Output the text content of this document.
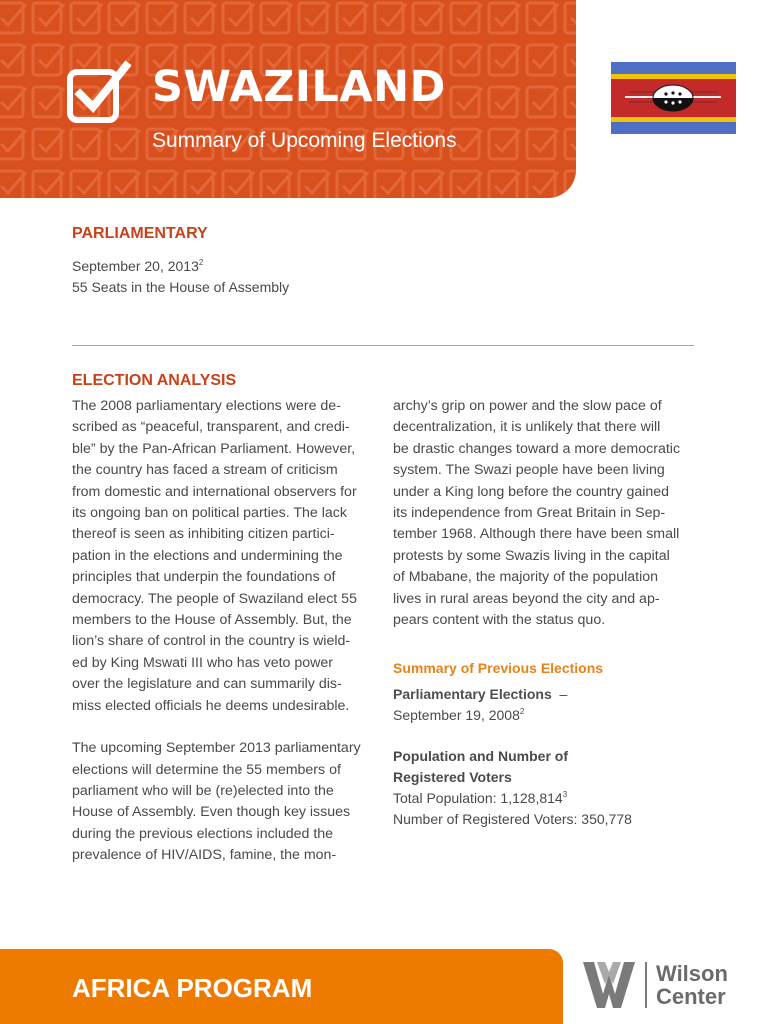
SWAZILAND
Summary of Upcoming Elections
PARLIAMENTARY
September 20, 2013$^2$
55 Seats in the House of Assembly
ELECTION ANALYSIS

The 2008 parliamentary elections were de-

scribed as “peaceful, transparent, and credi-

ble” by the Pan-African Parliament. However,

the country has faced a stream of criticism

from domestic and international observers for

its ongoing ban on political parties. The lack

thereof is seen as inhibiting citizen partici-

pation in the elections and undermining the

principles that underpin the foundations of

democracy. The people of Swaziland elect 55

members to the House of Assembly. But, the

lion’s share of control in the country is wield-

ed by King Mswati III who has veto power

over the legislature and can summarily dis-

miss elected officials he deems undesirable.

The upcoming September 2013 parliamentary

elections will determine the 55 members of

parliament who will be (re)elected into the

House of Assembly. Even though key issues

during the previous elections included the

prevalence of HIV/AIDS, famine, the mon-

archy’s grip on power and the slow pace of

decentralization, it is unlikely that there will

be drastic changes toward a more democratic

system. The Swazi people have been living

under a King long before the country gained

its independence from Great Britain in Sep-

tember 1968. Although there have been small

protests by some Swazis living in the capital

of Mbabane, the majority of the population

lives in rural areas beyond the city and ap-

pears content with the status quo.

Summary of Previous Elections
Parliamentary Elections –
September 19, 2008$^2$
Population and Number of
Registered Voters
Total Population: 1,128,814$^3$
Number of Registered Voters: 350,778
AFRICA PROGRAM	Wilson
Center
